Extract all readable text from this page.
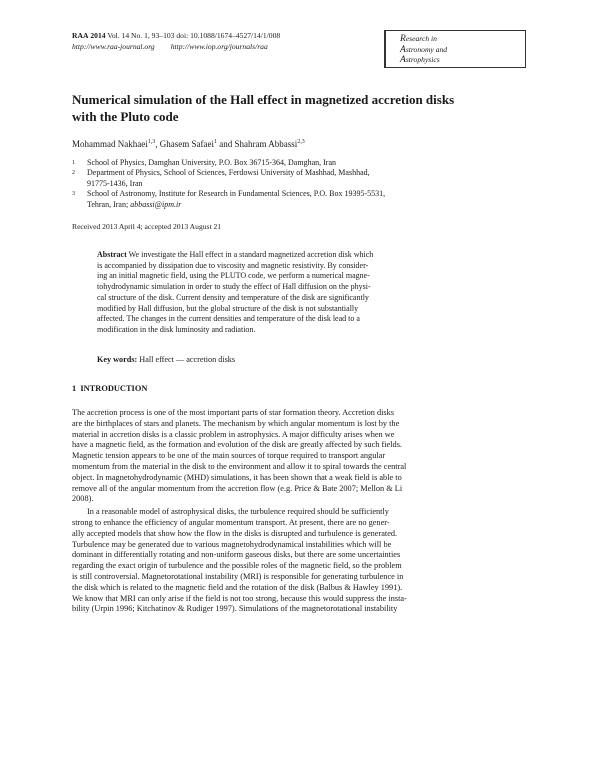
RAA 2014 Vol. 14 No. 1, 93–103 doi: 10.1088/1674–4527/14/1/008
http://www.raa-journal.org http://www.iop.org/journals/raa
Research in
Astronomy and
Astrophysics
Numerical simulation of the Hall effect in magnetized accretion disks with the Pluto code
Mohammad Nakhaei$^{1,3}$, Ghasem Safaei$^1$ and Shahram Abbassi$^{2,3}$
1 School of Physics, Damghan University, P.O. Box 36715-364, Damghan, Iran
2 Department of Physics, School of Sciences, Ferdowsi University of Mashhad, Mashhad,
91775-1436, Iran
3 School of Astronomy, Institute for Research in Fundamental Sciences, P.O. Box 19395-5531,
Tehran, Iran; abbassi@ipm.ir
Received 2013 April 4; accepted 2013 August 21
Abstract We investigate the Hall effect in a standard magnetized accretion disk which
is accompanied by dissipation due to viscosity and magnetic resistivity. By consider-
ing an initial magnetic field, using the PLUTO code, we perform a numerical magne-
tohydrodynamic simulation in order to study the effect of Hall diffusion on the physi-
cal structure of the disk. Current density and temperature of the disk are significantly
modified by Hall diffusion, but the global structure of the disk is not substantially
affected. The changes in the current densities and temperature of the disk lead to a
modification in the disk luminosity and radiation.
Key words: Hall effect — accretion disks
1 INTRODUCTION
The accretion process is one of the most important parts of star formation theory. Accretion disks
are the birthplaces of stars and planets. The mechanism by which angular momentum is lost by the
material in accretion disks is a classic problem in astrophysics. A major difficulty arises when we
have a magnetic field, as the formation and evolution of the disk are greatly affected by such fields.
Magnetic tension appears to be one of the main sources of torque required to transport angular
momentum from the material in the disk to the environment and allow it to spiral towards the central
object. In magnetohydrodynamic (MHD) simulations, it has been shown that a weak field is able to
remove all of the angular momentum from the accretion flow (e.g. Price & Bate 2007; Mellon & Li
2008).
In a reasonable model of astrophysical disks, the turbulence required should be sufficiently
strong to enhance the efficiency of angular momentum transport. At present, there are no gener-
ally accepted models that show how the flow in the disks is disrupted and turbulence is generated.
Turbulence may be generated due to various magnetohydrodynamical instabilities which will be
dominant in differentially rotating and non-uniform gaseous disks, but there are some uncertainties
regarding the exact origin of turbulence and the possible roles of the magnetic field, so the problem
is still controversial. Magnetorotational instability (MRI) is responsible for generating turbulence in
the disk which is related to the magnetic field and the rotation of the disk (Balbus & Hawley 1991).
We know that MRI can only arise if the field is not too strong, because this would suppress the insta-
bility (Urpin 1996; Kitchatinov & Rudiger 1997). Simulations of the magnetorotational instability
